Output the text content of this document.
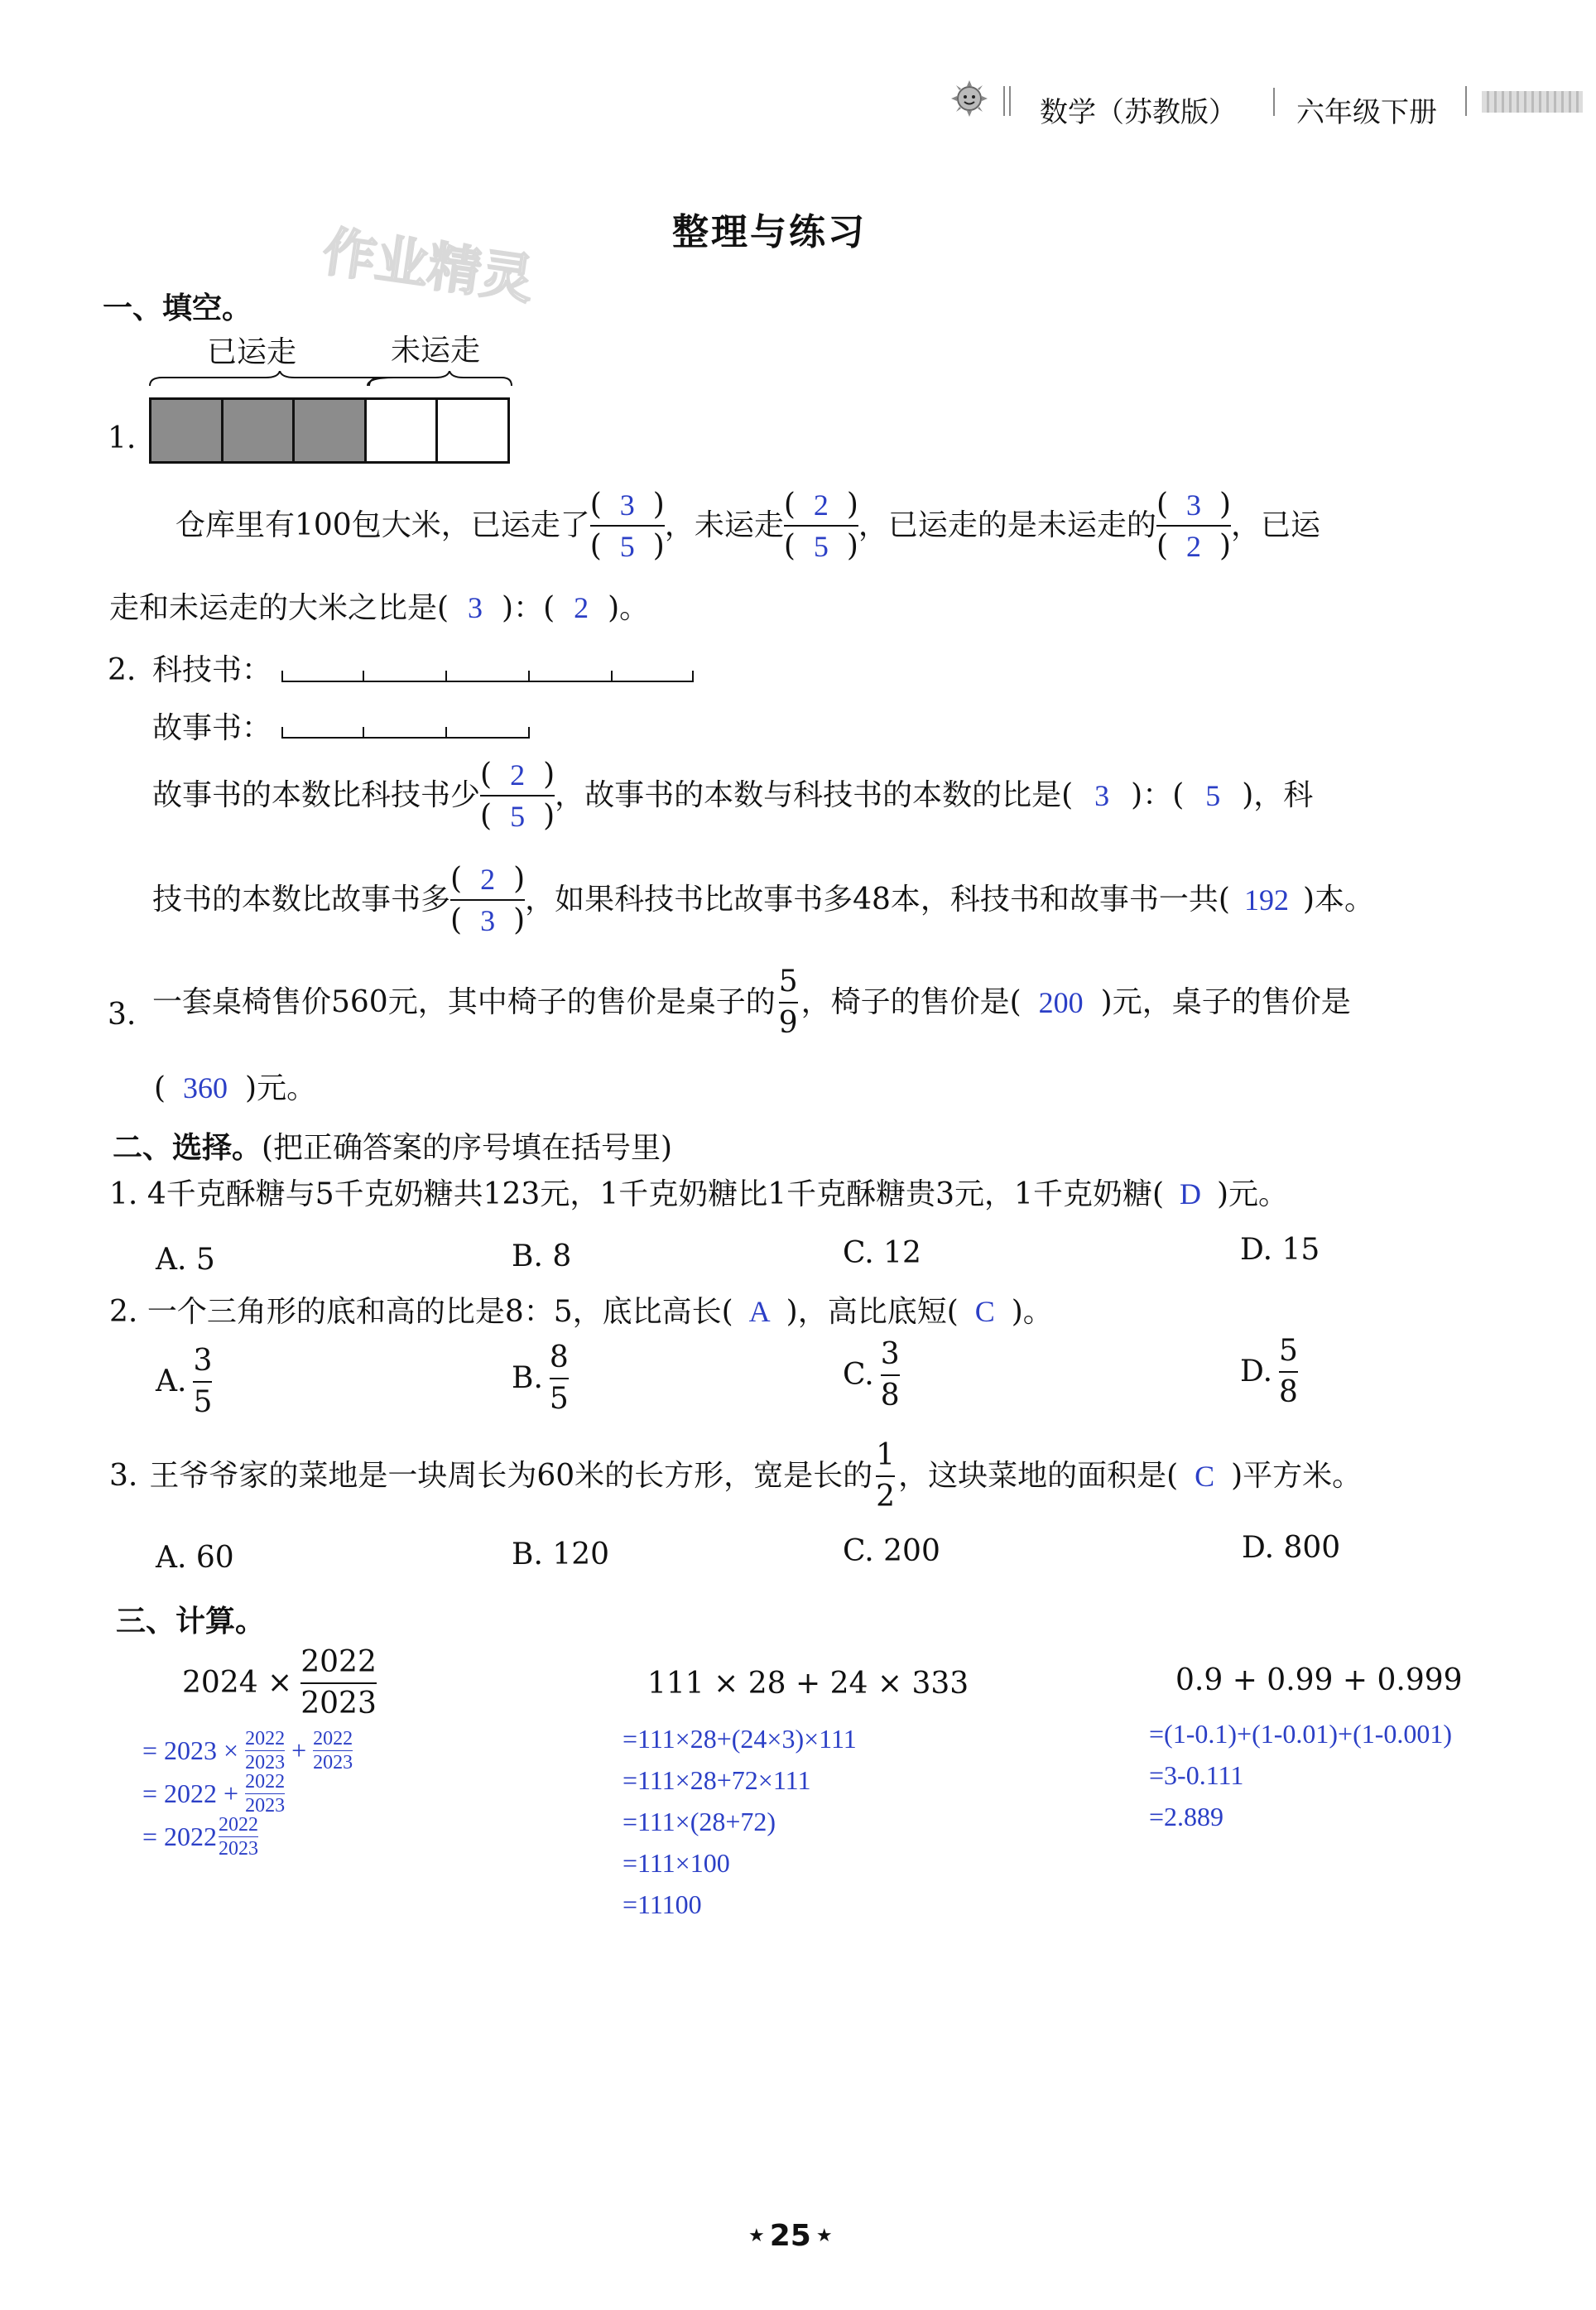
数学（苏教版） 六年级下册
作业精灵	整理与练习
一、填空。
已运走	未运走
1.
仓库里有100包大米，已运走了 $\frac{( 3 )}{( 5 )}$ ，未运走 $\frac{( 2 )}{( 5 )}$ ，已运走的是未运走的 $\frac{( 3 )}{( 2 )}$ ，已运
走和未运走的大米之比是( 3 )：( 2 )。
2. 科技书：
故事书：
故事书的本数比科技书少 $\frac{( 2 )}{( 5 )}$ ，故事书的本数与科技书的本数的比是( 3 )：( 5 )，科
技书的本数比故事书多 $\frac{( 2 )}{( 3 )}$ ，如果科技书比故事书多48本，科技书和故事书一共( 192 )本。
3. 一套桌椅售价560元，其中椅子的售价是桌子的 $\frac{5}{9}$ ，椅子的售价是( 200 )元，桌子的售价是
( 360 )元。
二、选择。(把正确答案的序号填在括号里)
1. 4千克酥糖与5千克奶糖共123元，1千克奶糖比1千克酥糖贵3元，1千克奶糖( D )元。
A. 5	B. 8	C. 12	D. 15
2. 一个三角形的底和高的比是8：5，底比高长( A )，高比底短( C )。
A. $\frac{3}{5}$	B. $\frac{8}{5}$	C. $\frac{3}{8}$	D. $\frac{5}{8}$
3. 王爷爷家的菜地是一块周长为60米的长方形，宽是长的 $\frac{1}{2}$ ，这块菜地的面积是( C )平方米。
A. 60	B. 120	C. 200	D. 800
三、计算。
$2024 \times \frac{2022}{2023}$
= $2023 \times \frac{2022}{2023} + \frac{2022}{2023}$
= $2022 + \frac{2022}{2023}$
= $2022 \frac{2022}{2023}$
111 × 28 + 24 × 333
=111×28+(24×3)×111
=111×28+72×111
=111×(28+72)
=111×100
=11100
0.9 + 0.99 + 0.999
=(1-0.1)+(1-0.01)+(1-0.001)
=3-0.111
=2.889
★ 25 ★
